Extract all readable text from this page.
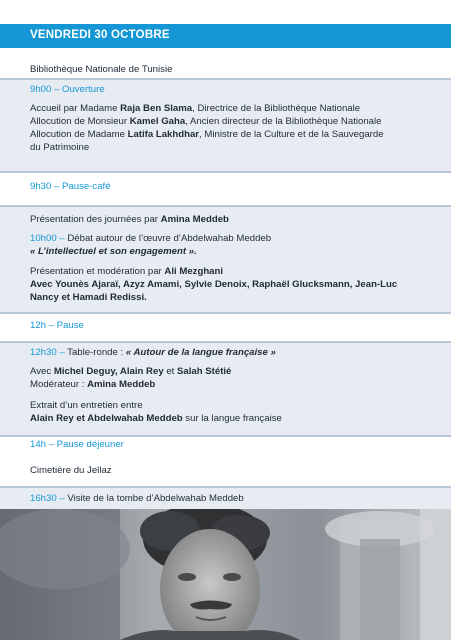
VENDREDI 30 OCTOBRE
Bibliothèque Nationale de Tunisie
9h00 – Ouverture
Accueil par Madame Raja Ben Slama, Directrice de la Bibliothèque Nationale
Allocution de Monsieur Kamel Gaha, Ancien directeur de la Bibliothèque Nationale
Allocution de Madame Latifa Lakhdhar, Ministre de la Culture et de la Sauvegarde
du Patrimoine
9h30 – Pause-café
Présentation des journées par Amina Meddeb
10h00 – Débat autour de l’œuvre d’Abdelwahab Meddeb
« L’intellectuel et son engagement ».
Présentation et modération par Ali Mezghani
Avec Younès Ajaraï, Azyz Amami, Sylvie Denoix, Raphaël Glucksmann, Jean-Luc
Nancy et Hamadi Redissi.
12h – Pause
12h30 – Table-ronde : « Autour de la langue française »
Avec Michel Deguy, Alain Rey et Salah Stétié
Modérateur : Amina Meddeb
Extrait d’un entretien entre
Alain Rey et Abdelwahab Meddeb sur la langue française
14h – Pause déjeuner
Cimetière du Jellaz
16h30 – Visite de la tombe d’Abdelwahab Meddeb
